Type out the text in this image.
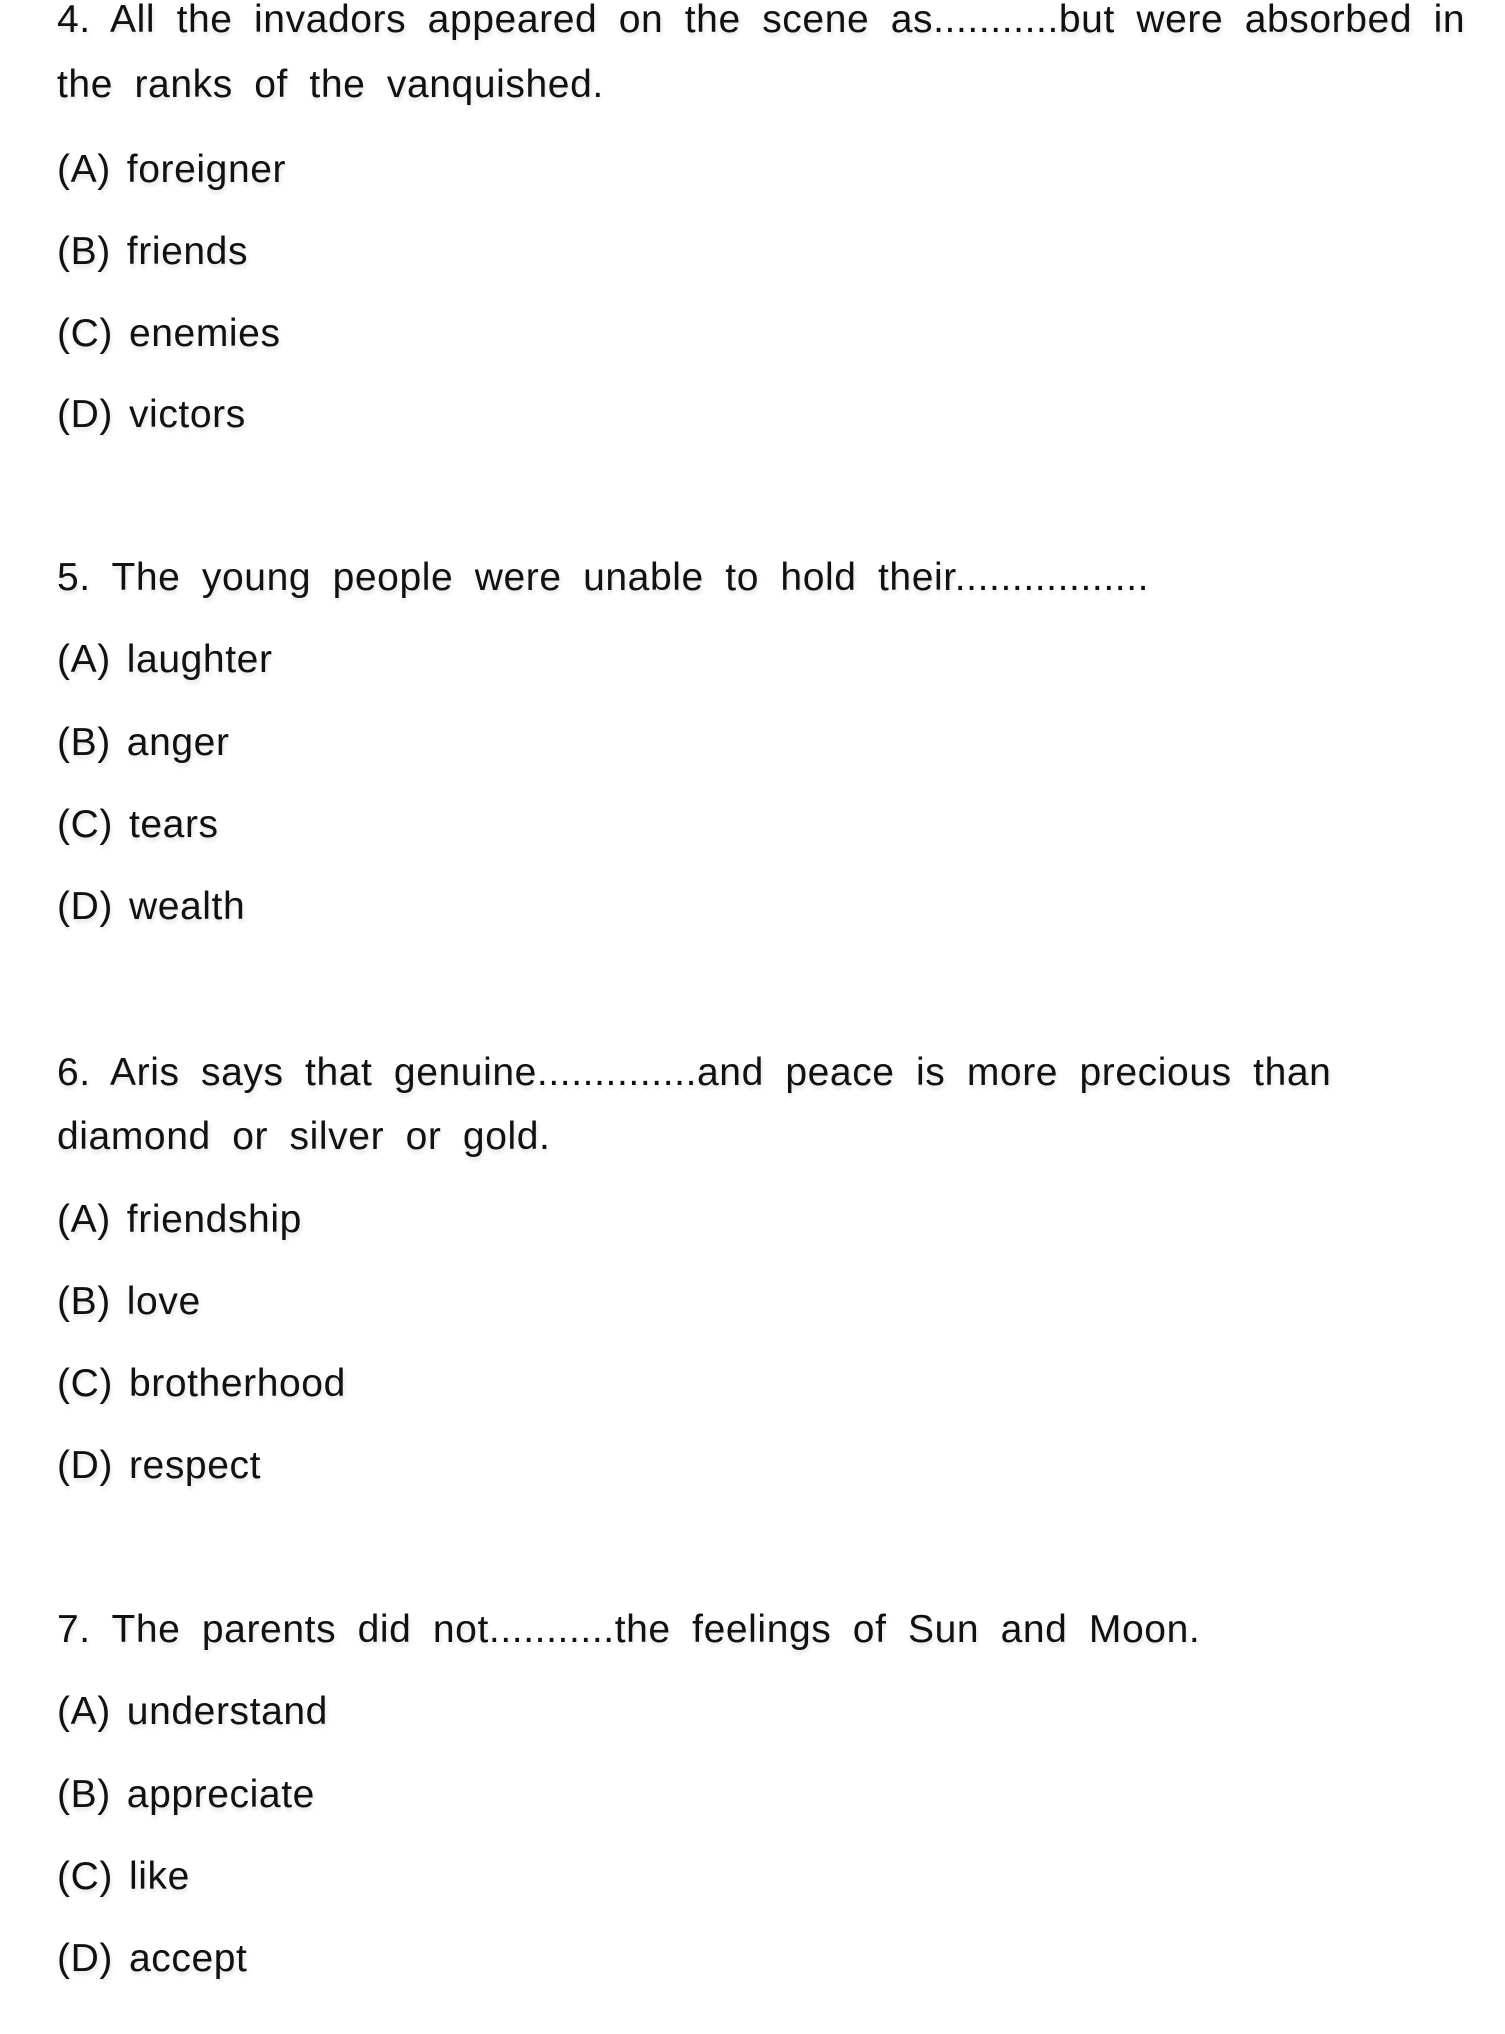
4. All the invadors appeared on the scene as...........but were absorbed in
the ranks of the vanquished.
(A) foreigner
(B) friends
(C) enemies
(D) victors
5. The young people were unable to hold their.................
(A) laughter
(B) anger
(C) tears
(D) wealth
6. Aris says that genuine..............and peace is more precious than
diamond or silver or gold.
(A) friendship
(B) love
(C) brotherhood
(D) respect
7. The parents did not...........the feelings of Sun and Moon.
(A) understand
(B) appreciate
(C) like
(D) accept
